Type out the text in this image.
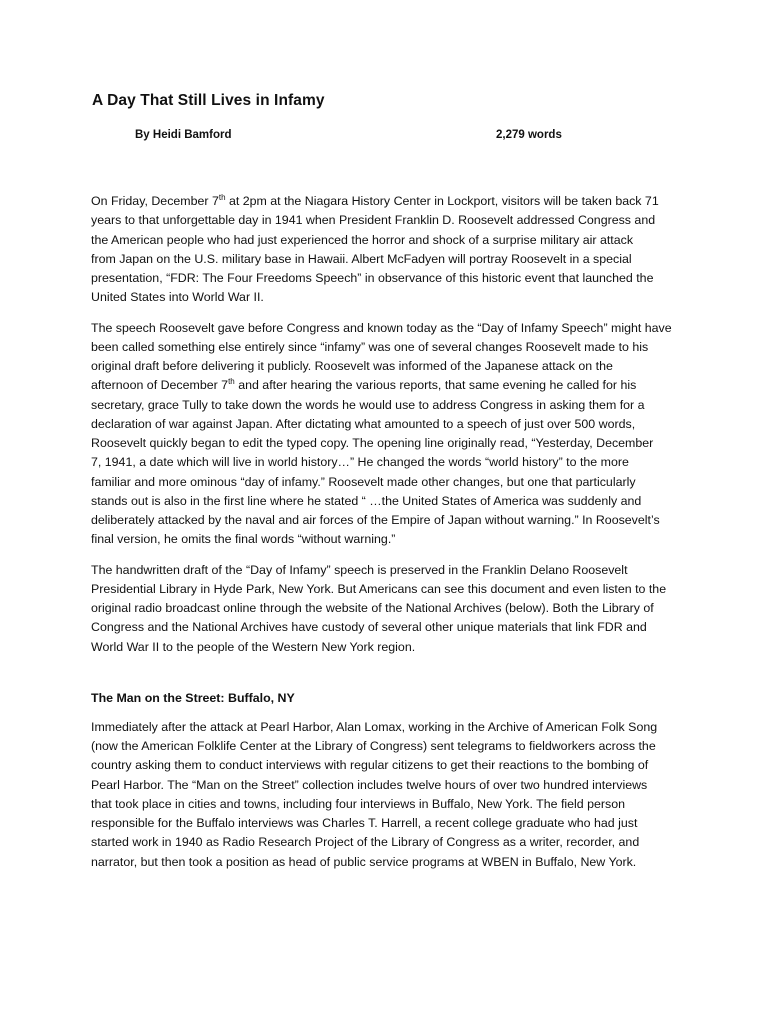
A Day That Still Lives in Infamy
By Heidi Bamford	2,279 words

On Friday, December 7th at 2pm at the Niagara History Center in Lockport, visitors will be taken back 71
years to that unforgettable day in 1941 when President Franklin D. Roosevelt addressed Congress and
the American people who had just experienced the horror and shock of a surprise military air attack
from Japan on the U.S. military base in Hawaii. Albert McFadyen will portray Roosevelt in a special
presentation, “FDR: The Four Freedoms Speech” in observance of this historic event that launched the
United States into World War II.

The speech Roosevelt gave before Congress and known today as the “Day of Infamy Speech” might have
been called something else entirely since “infamy” was one of several changes Roosevelt made to his
original draft before delivering it publicly. Roosevelt was informed of the Japanese attack on the
afternoon of December 7th and after hearing the various reports, that same evening he called for his
secretary, grace Tully to take down the words he would use to address Congress in asking them for a
declaration of war against Japan. After dictating what amounted to a speech of just over 500 words,
Roosevelt quickly began to edit the typed copy. The opening line originally read, “Yesterday, December
7, 1941, a date which will live in world history…” He changed the words “world history” to the more
familiar and more ominous “day of infamy.” Roosevelt made other changes, but one that particularly
stands out is also in the first line where he stated “ …the United States of America was suddenly and
deliberately attacked by the naval and air forces of the Empire of Japan without warning.” In Roosevelt’s
final version, he omits the final words “without warning.”

The handwritten draft of the “Day of Infamy” speech is preserved in the Franklin Delano Roosevelt
Presidential Library in Hyde Park, New York. But Americans can see this document and even listen to the
original radio broadcast online through the website of the National Archives (below). Both the Library of
Congress and the National Archives have custody of several other unique materials that link FDR and
World War II to the people of the Western New York region.

The Man on the Street: Buffalo, NY

Immediately after the attack at Pearl Harbor, Alan Lomax, working in the Archive of American Folk Song
(now the American Folklife Center at the Library of Congress) sent telegrams to fieldworkers across the
country asking them to conduct interviews with regular citizens to get their reactions to the bombing of
Pearl Harbor. The “Man on the Street” collection includes twelve hours of over two hundred interviews
that took place in cities and towns, including four interviews in Buffalo, New York. The field person
responsible for the Buffalo interviews was Charles T. Harrell, a recent college graduate who had just
started work in 1940 as Radio Research Project of the Library of Congress as a writer, recorder, and
narrator, but then took a position as head of public service programs at WBEN in Buffalo, New York.
